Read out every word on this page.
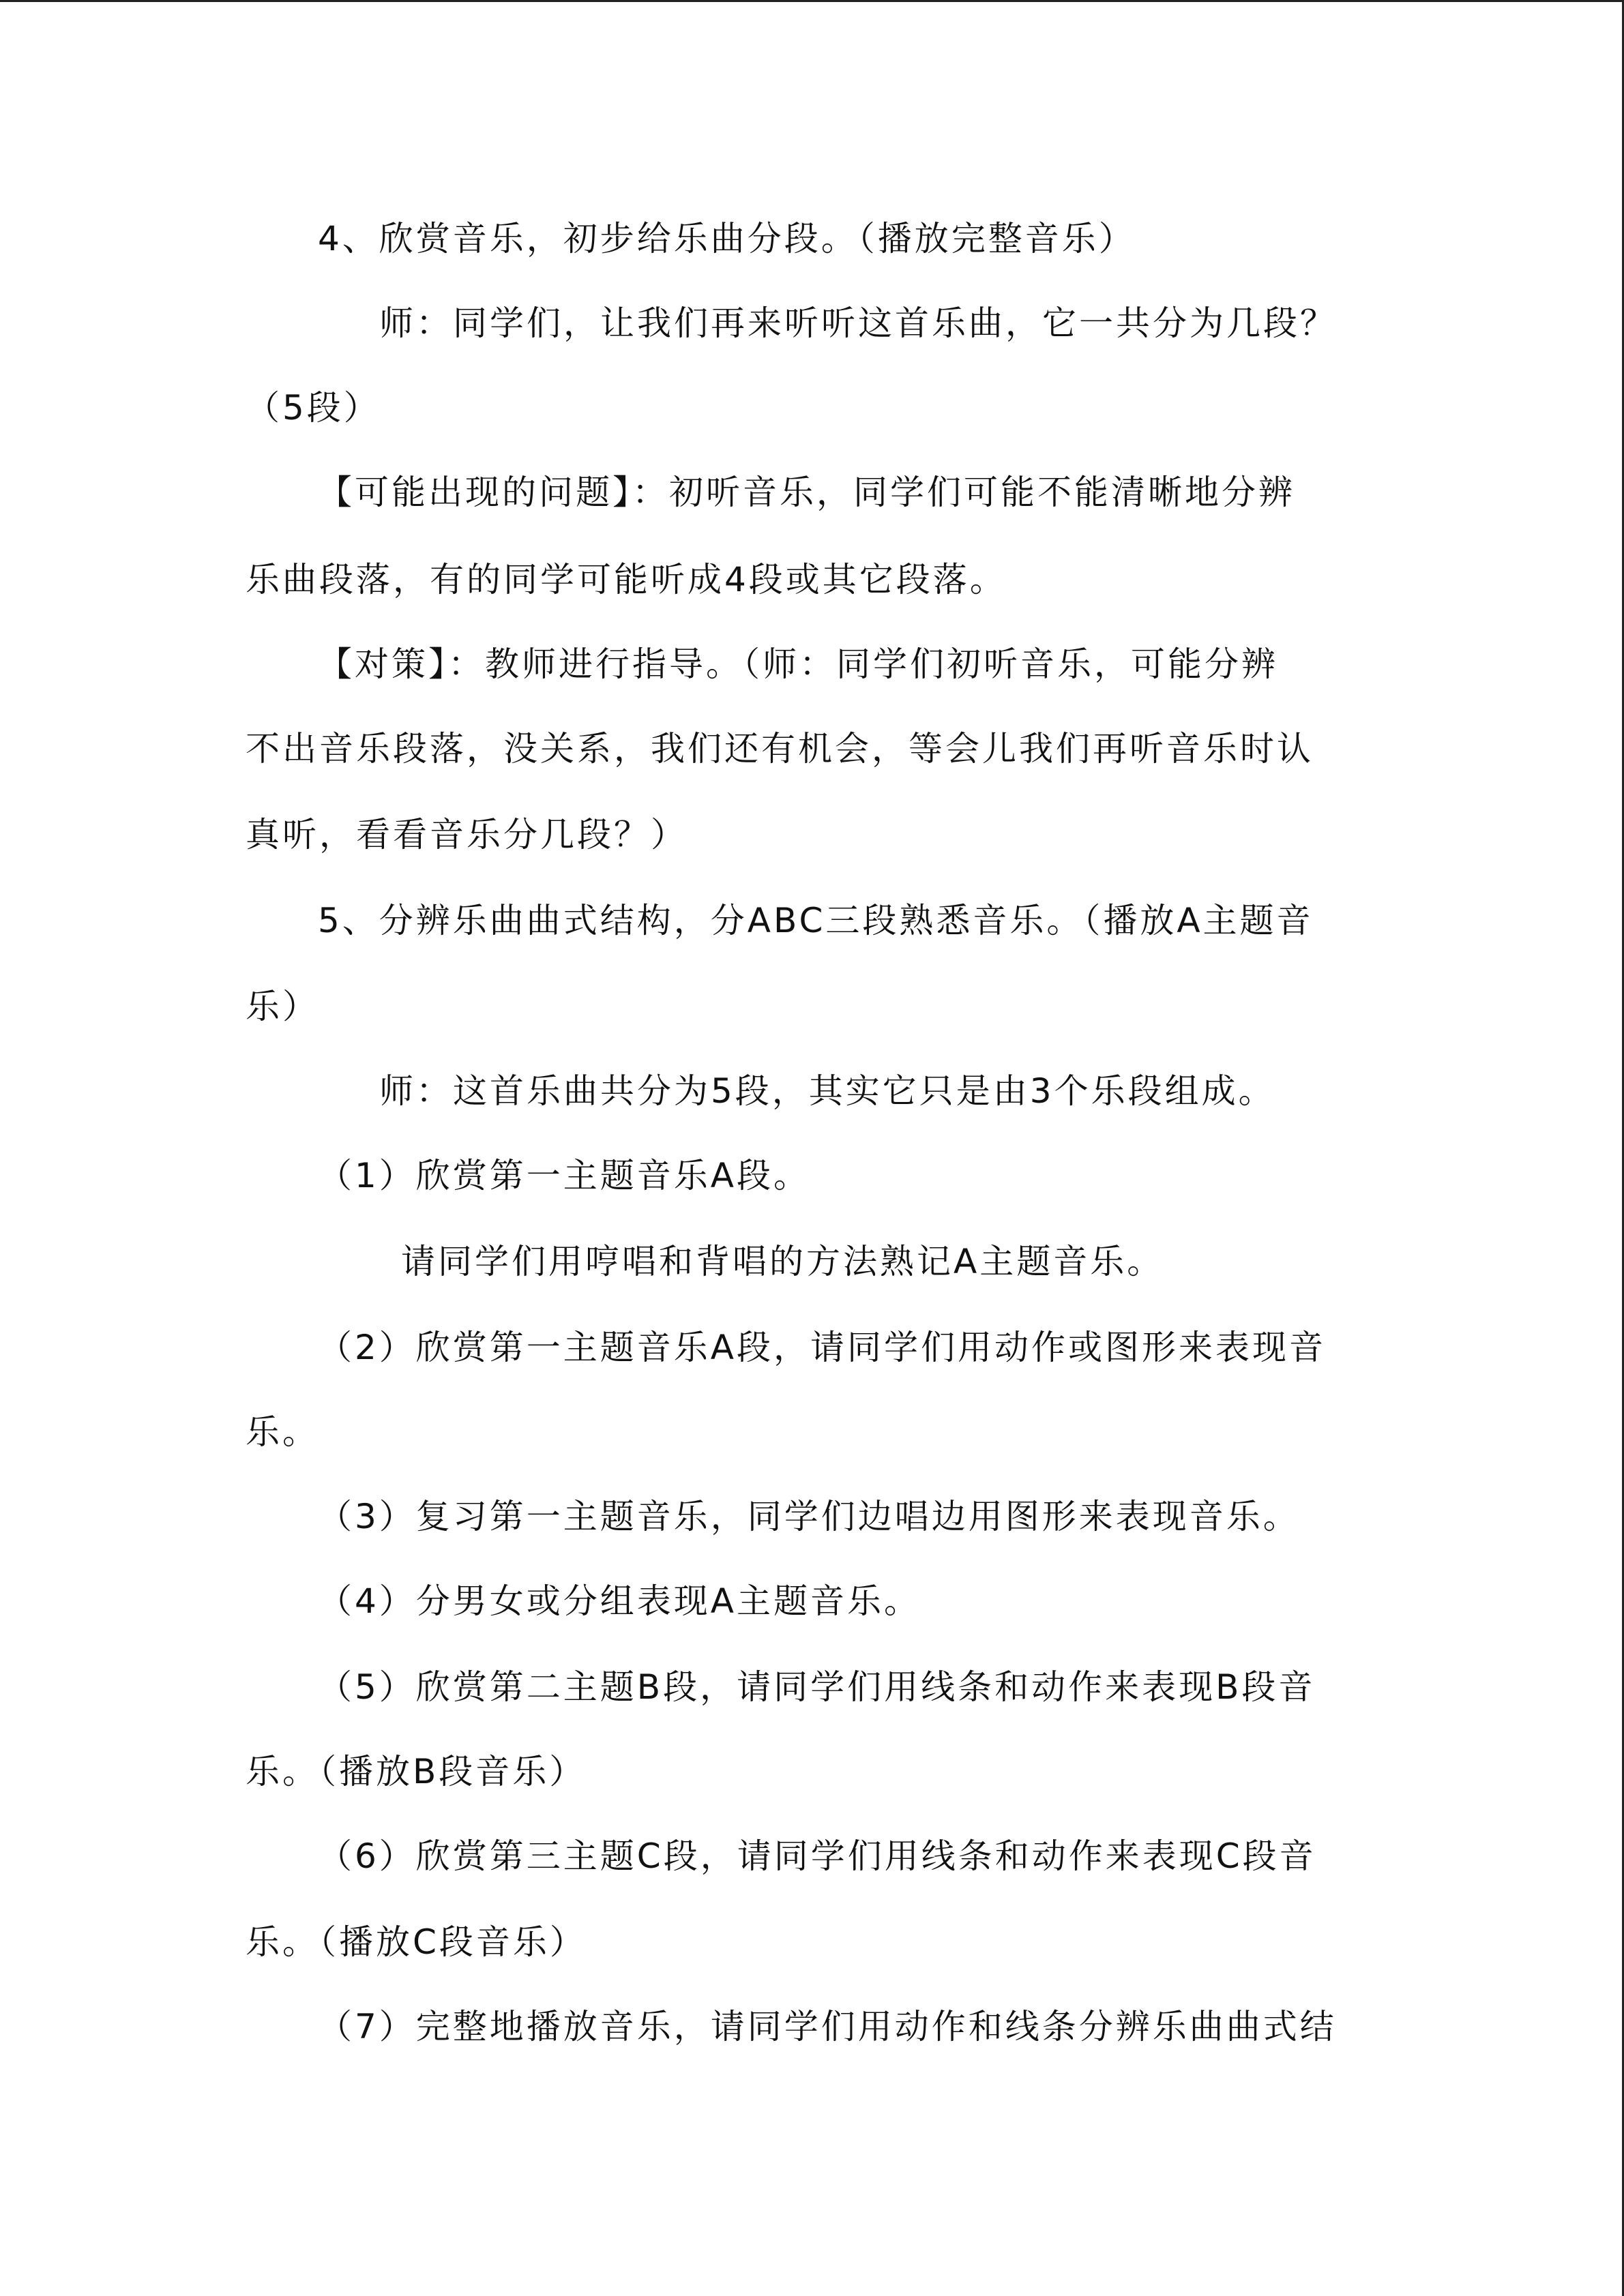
4、欣赏音乐，初步给乐曲分段。（播放完整音乐）
师：同学们，让我们再来听听这首乐曲，它一共分为几段？
（5段）
【可能出现的问题】：初听音乐，同学们可能不能清晰地分辨
乐曲段落，有的同学可能听成4段或其它段落。
【对策】：教师进行指导。（师：同学们初听音乐，可能分辨
不出音乐段落，没关系，我们还有机会，等会儿我们再听音乐时认
真听，看看音乐分几段？）
5、分辨乐曲曲式结构，分ABC三段熟悉音乐。（播放A主题音
乐）
师：这首乐曲共分为5段，其实它只是由3个乐段组成。
（1）欣赏第一主题音乐A段。
请同学们用哼唱和背唱的方法熟记A主题音乐。
（2）欣赏第一主题音乐A段，请同学们用动作或图形来表现音
乐。
（3）复习第一主题音乐，同学们边唱边用图形来表现音乐。
（4）分男女或分组表现A主题音乐。
（5）欣赏第二主题B段，请同学们用线条和动作来表现B段音
乐。（播放B段音乐）
（6）欣赏第三主题C段，请同学们用线条和动作来表现C段音
乐。（播放C段音乐）
（7）完整地播放音乐，请同学们用动作和线条分辨乐曲曲式结
